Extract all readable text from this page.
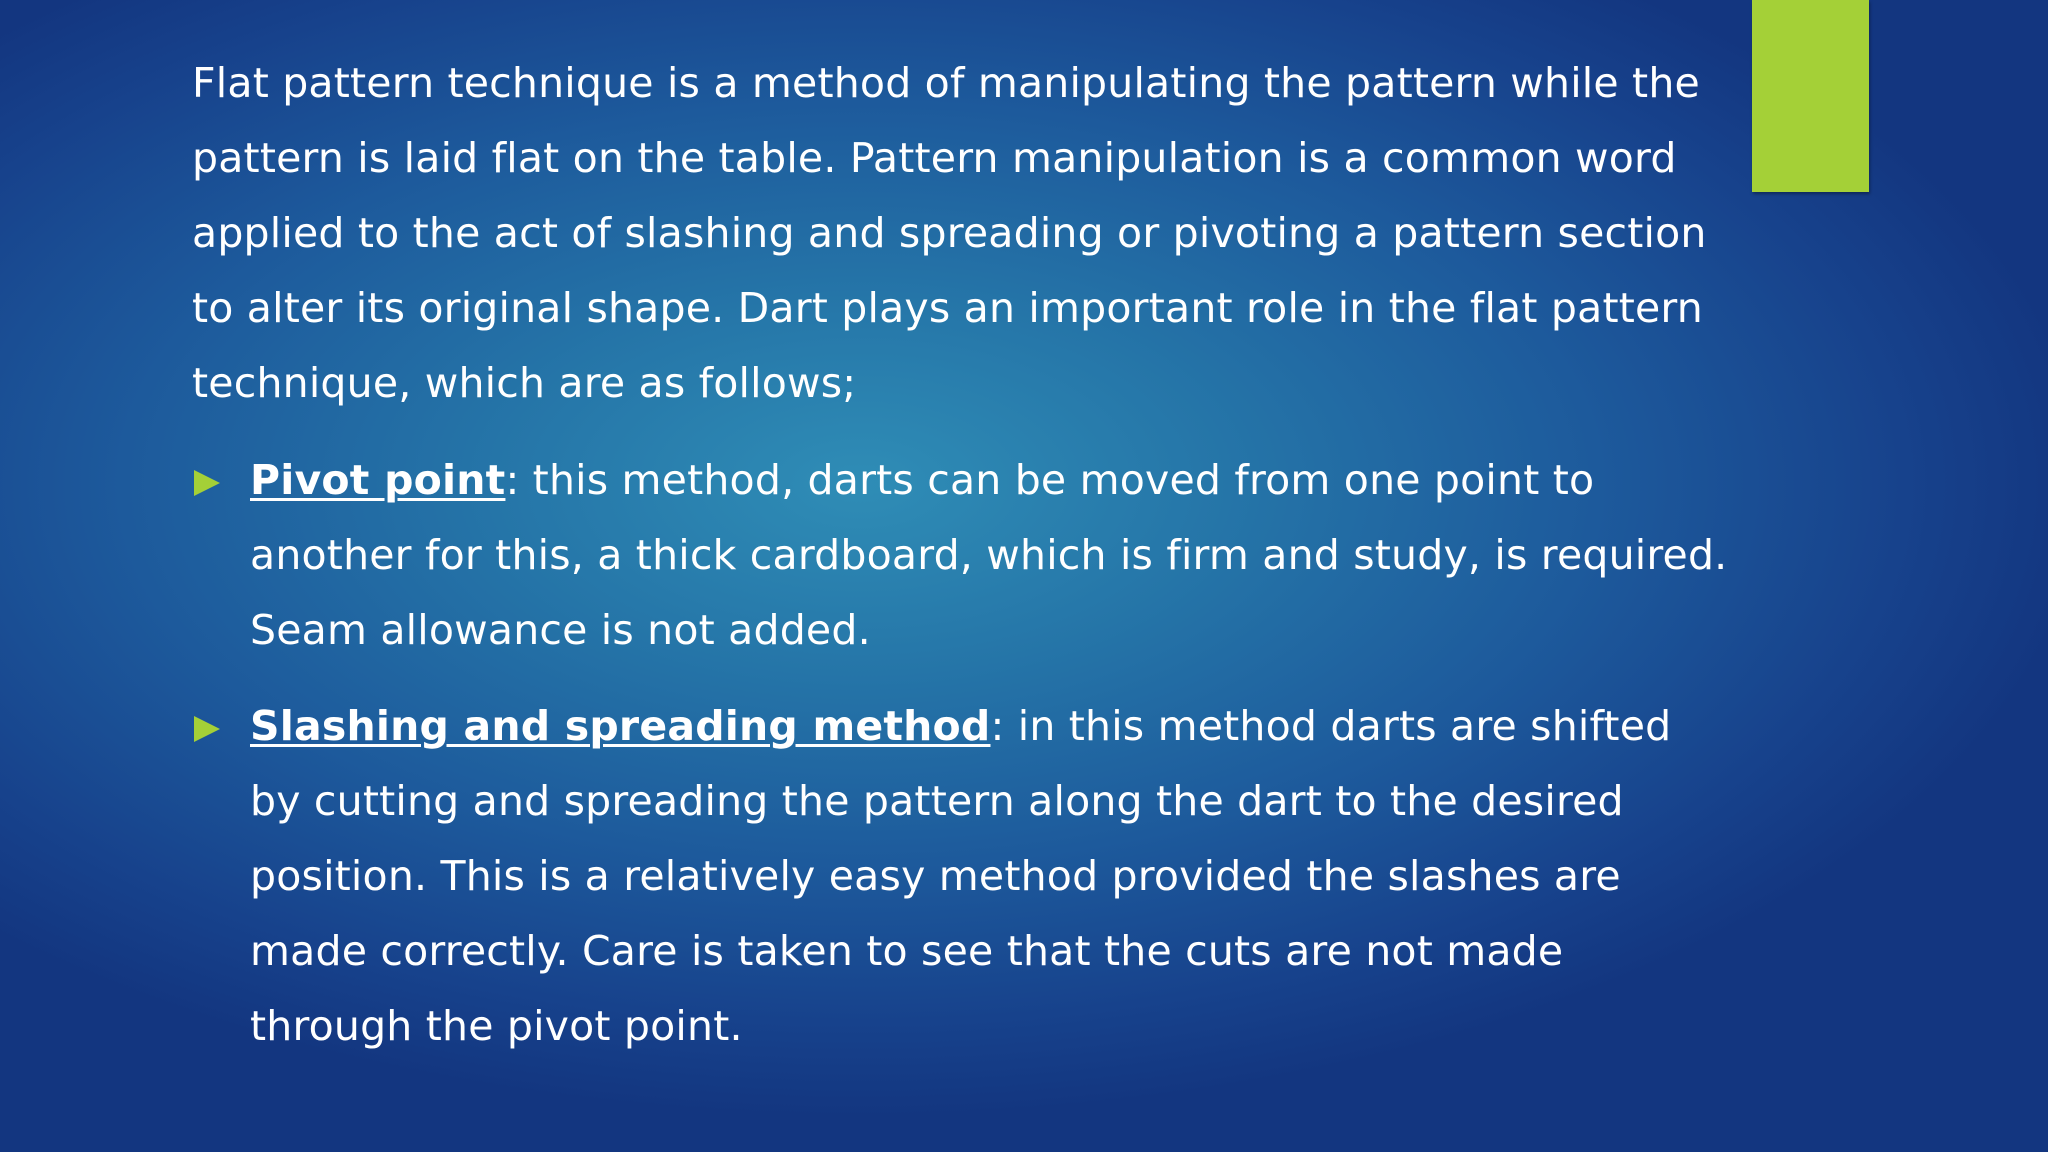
Flat pattern technique is a method of manipulating the pattern while the pattern is laid flat on the table. Pattern manipulation is a common word applied to the act of slashing and spreading or pivoting a pattern section to alter its original shape. Dart plays an important role in the flat pattern technique, which are as follows;

Pivot point: this method, darts can be moved from one point to another for this, a thick cardboard, which is firm and study, is required. Seam allowance is not added.
Slashing and spreading method: in this method darts are shifted by cutting and spreading the pattern along the dart to the desired position. This is a relatively easy method provided the slashes are made correctly. Care is taken to see that the cuts are not made through the pivot point.
